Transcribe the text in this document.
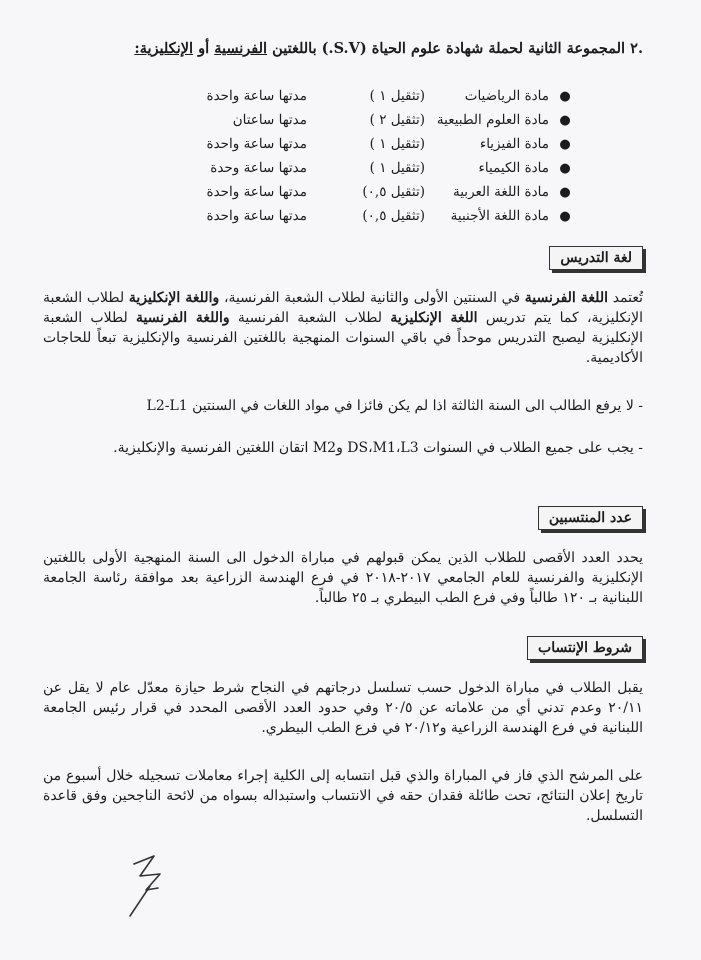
.٢ المجموعة الثانية لحملة شهادة علوم الحياة (S.V.) باللغتين الفرنسية أو الإنكليزية:
●
مادة الرياضيات
(تثقيل ١ )
مدتها ساعة واحدة
●
مادة العلوم الطبيعية
(تثقيل ٢ )
مدتها ساعتان
●
مادة الفيزياء
(تثقيل ١ )
مدتها ساعة واحدة
●
مادة الكيمياء
(تثقيل ١ )
مدتها ساعة وحدة
●
مادة اللغة العربية
(تثقيل ٠,٥)
مدتها ساعة واحدة
●
مادة اللغة الأجنبية
(تثقيل ٠,٥)
مدتها ساعة واحدة
لغة التدريس
تُعتمد اللغة الفرنسية في السنتين الأولى والثانية لطلاب الشعبة الفرنسية، واللغة الإنكليزية لطلاب الشعبة الإنكليزية، كما يتم تدريس اللغة الإنكليزية لطلاب الشعبة الفرنسية واللغة الفرنسية لطلاب الشعبة الإنكليزية ليصبح التدريس موحداً في باقي السنوات المنهجية باللغتين الفرنسية والإنكليزية تبعاً للحاجات الأكاديمية.
- لا يرفع الطالب الى السنة الثالثة اذا لم يكن فائزا في مواد اللغات في السنتين L2-L1
- يجب على جميع الطلاب في السنوات L3،M1،DS وM2 اتقان اللغتين الفرنسية والإنكليزية.
عدد المنتسبين
يحدد العدد الأقصى للطلاب الذين يمكن قبولهم في مباراة الدخول الى السنة المنهجية الأولى باللغتين الإنكليزية والفرنسية للعام الجامعي ٢٠١٧-٢٠١٨ في فرع الهندسة الزراعية بعد موافقة رئاسة الجامعة اللبنانية بـ ١٢٠ طالباً وفي فرع الطب البيطري بـ ٢٥ طالباً.
شروط الإنتساب
يقبل الطلاب في مباراة الدخول حسب تسلسل درجاتهم في النجاح شرط حيازة معدّل عام لا يقل عن ٢٠/١١ وعدم تدني أي من علاماته عن ٢٠/٥ وفي حدود العدد الأقصى المحدد في قرار رئيس الجامعة اللبنانية في فرع الهندسة الزراعية و٢٠/١٢ في فرع الطب البيطري.
على المرشح الذي فاز في المباراة والذي قبل انتسابه إلى الكلية إجراء معاملات تسجيله خلال أسبوع من تاريخ إعلان النتائج، تحت طائلة فقدان حقه في الانتساب واستبداله بسواه من لائحة الناجحين وفق قاعدة التسلسل.
